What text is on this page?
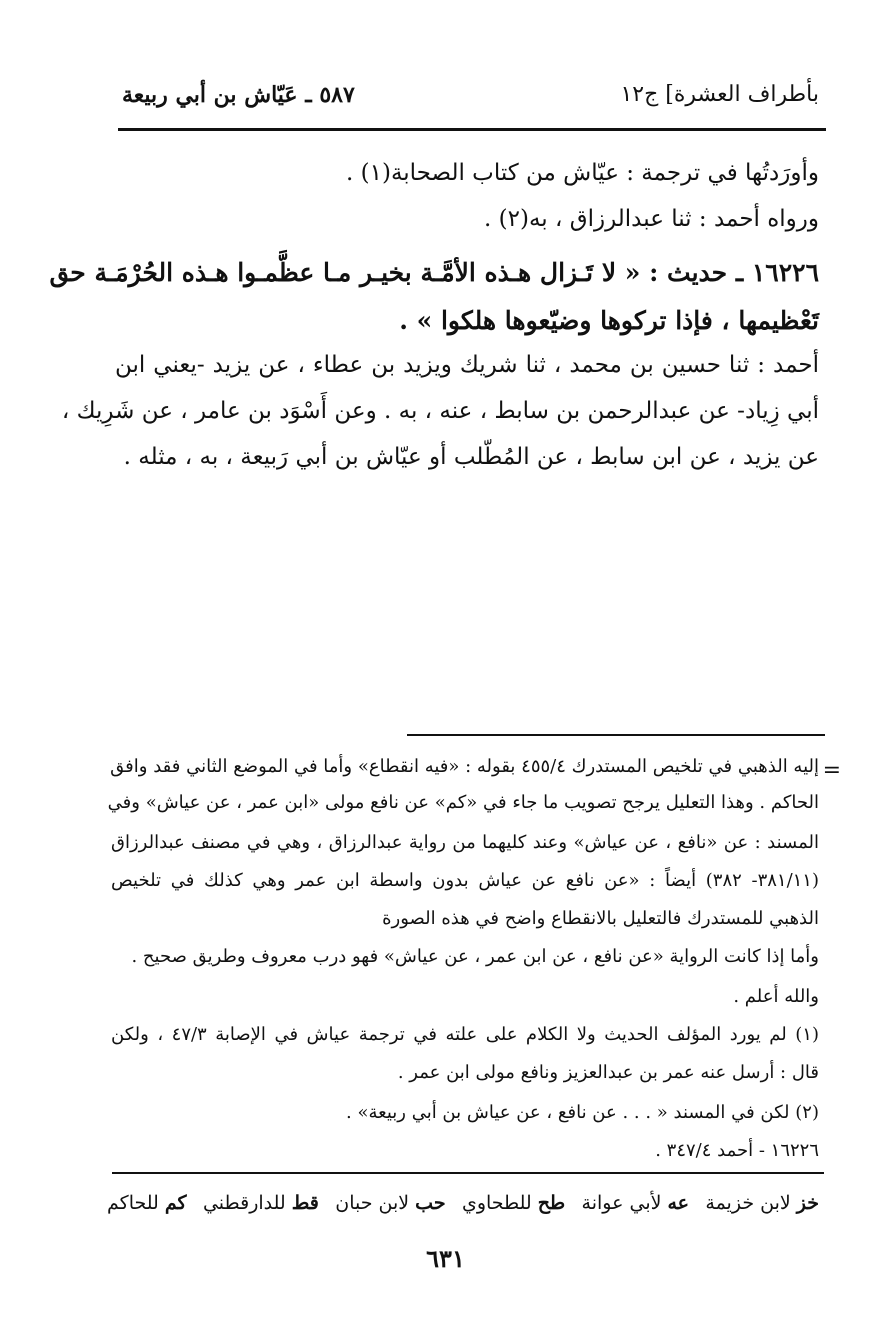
بأطراف العشرة] ج١٢
٥٨٧ ـ عَيّاش بن أبي ربيعة
وأورَدتُها في ترجمة : عيّاش من كتاب الصحابة(١) .
ورواه أحمد : ثنا عبدالرزاق ، به(٢) .
١٦٢٢٦ ـ حديث : « لا تَـزال هـذه الأمَّـة بخيـر مـا عظَّمـوا هـذه الحُرْمَـة حق
تَعْظيمها ، فإذا تركوها وضيّعوها هلكوا » .
أحمد : ثنا حسين بن محمد ، ثنا شريك ويزيد بن عطاء ، عن يزيد -يعني ابن
أبي زِياد- عن عبدالرحمن بن سابط ، عنه ، به . وعن أَسْوَد بن عامر ، عن شَرِيك ،
عن يزيد ، عن ابن سابط ، عن المُطّلب أو عيّاش بن أبي رَبيعة ، به ، مثله .
=
إليه الذهبي في تلخيص المستدرك ٤٥٥/٤ بقوله : «فيه انقطاع» وأما في الموضع الثاني فقد وافق
الحاكم . وهذا التعليل يرجح تصويب ما جاء في «كم» عن نافع مولى «ابن عمر ، عن عياش» وفي
المسند : عن «نافع ، عن عياش» وعند كليهما من رواية عبدالرزاق ، وهي في مصنف عبدالرزاق
(٣٨١/١١- ٣٨٢) أيضاً : «عن نافع عن عياش بدون واسطة ابن عمر وهي كذلك في تلخيص
الذهبي للمستدرك فالتعليل بالانقطاع واضح في هذه الصورة
وأما إذا كانت الرواية «عن نافع ، عن ابن عمر ، عن عياش» فهو درب معروف وطريق صحيح .
والله أعلم .
(١) لم يورد المؤلف الحديث ولا الكلام على علته في ترجمة عياش في الإصابة ٤٧/٣ ، ولكن
قال : أرسل عنه عمر بن عبدالعزيز ونافع مولى ابن عمر .
(٢) لكن في المسند « . . . عن نافع ، عن عياش بن أبي ربيعة» .
١٦٢٢٦ - أحمد ٣٤٧/٤ .
خز لابن خزيمة
عه لأبي عوانة
طح للطحاوي
حب لابن حبان
قط للدارقطني
كم للحاكم
٦٣١
